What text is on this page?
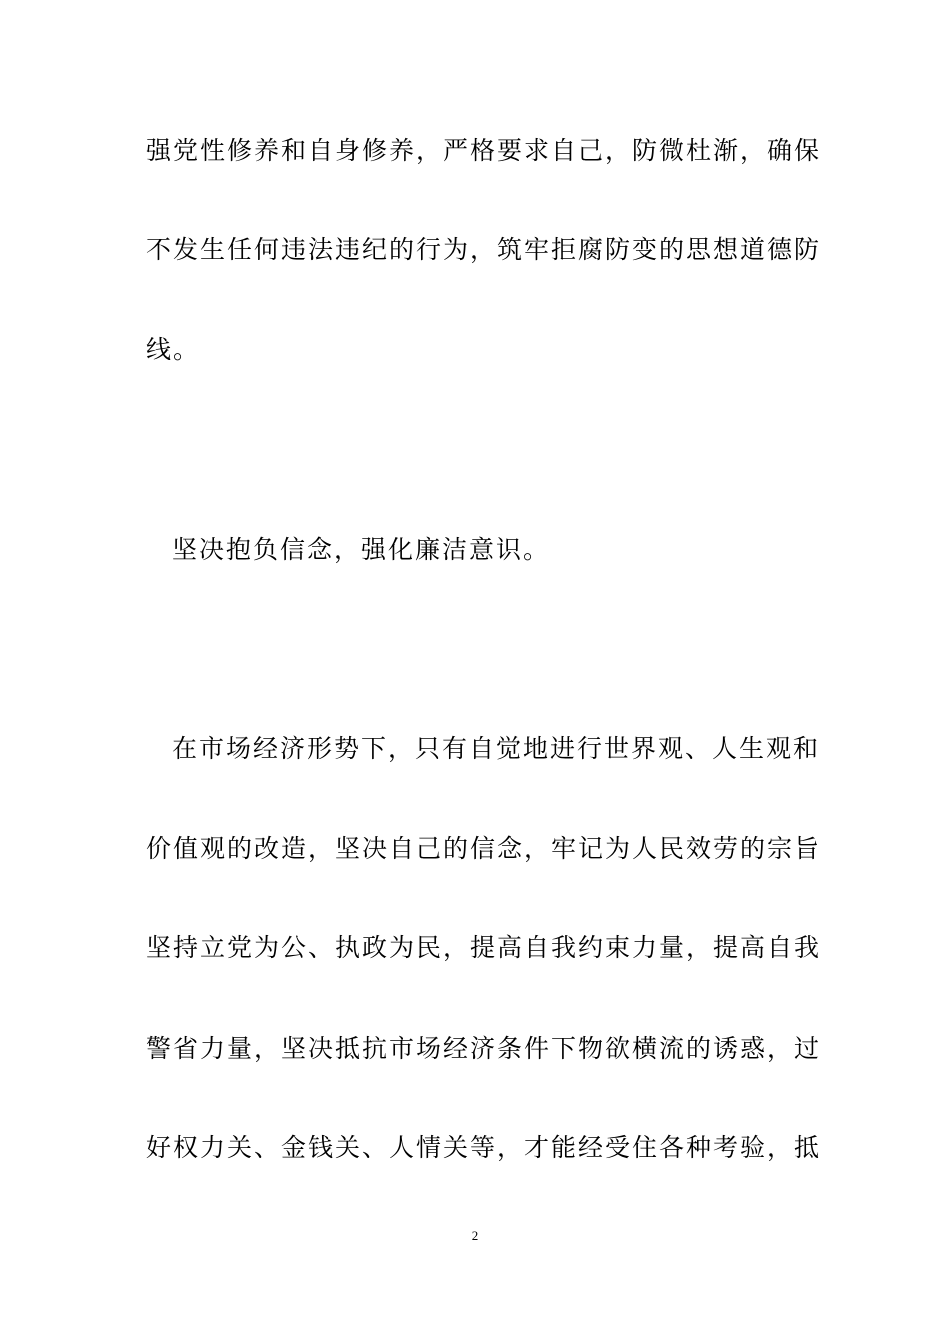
强党性修养和自身修养，严格要求自己，防微杜渐，确保
不发生任何违法违纪的行为，筑牢拒腐防变的思想道德防
线。
坚决抱负信念，强化廉洁意识。
在市场经济形势下，只有自觉地进行世界观、人生观和
价值观的改造，坚决自己的信念，牢记为人民效劳的宗旨
坚持立党为公、执政为民，提高自我约束力量，提高自我
警省力量，坚决抵抗市场经济条件下物欲横流的诱惑，过
好权力关、金钱关、人情关等，才能经受住各种考验，抵
2
